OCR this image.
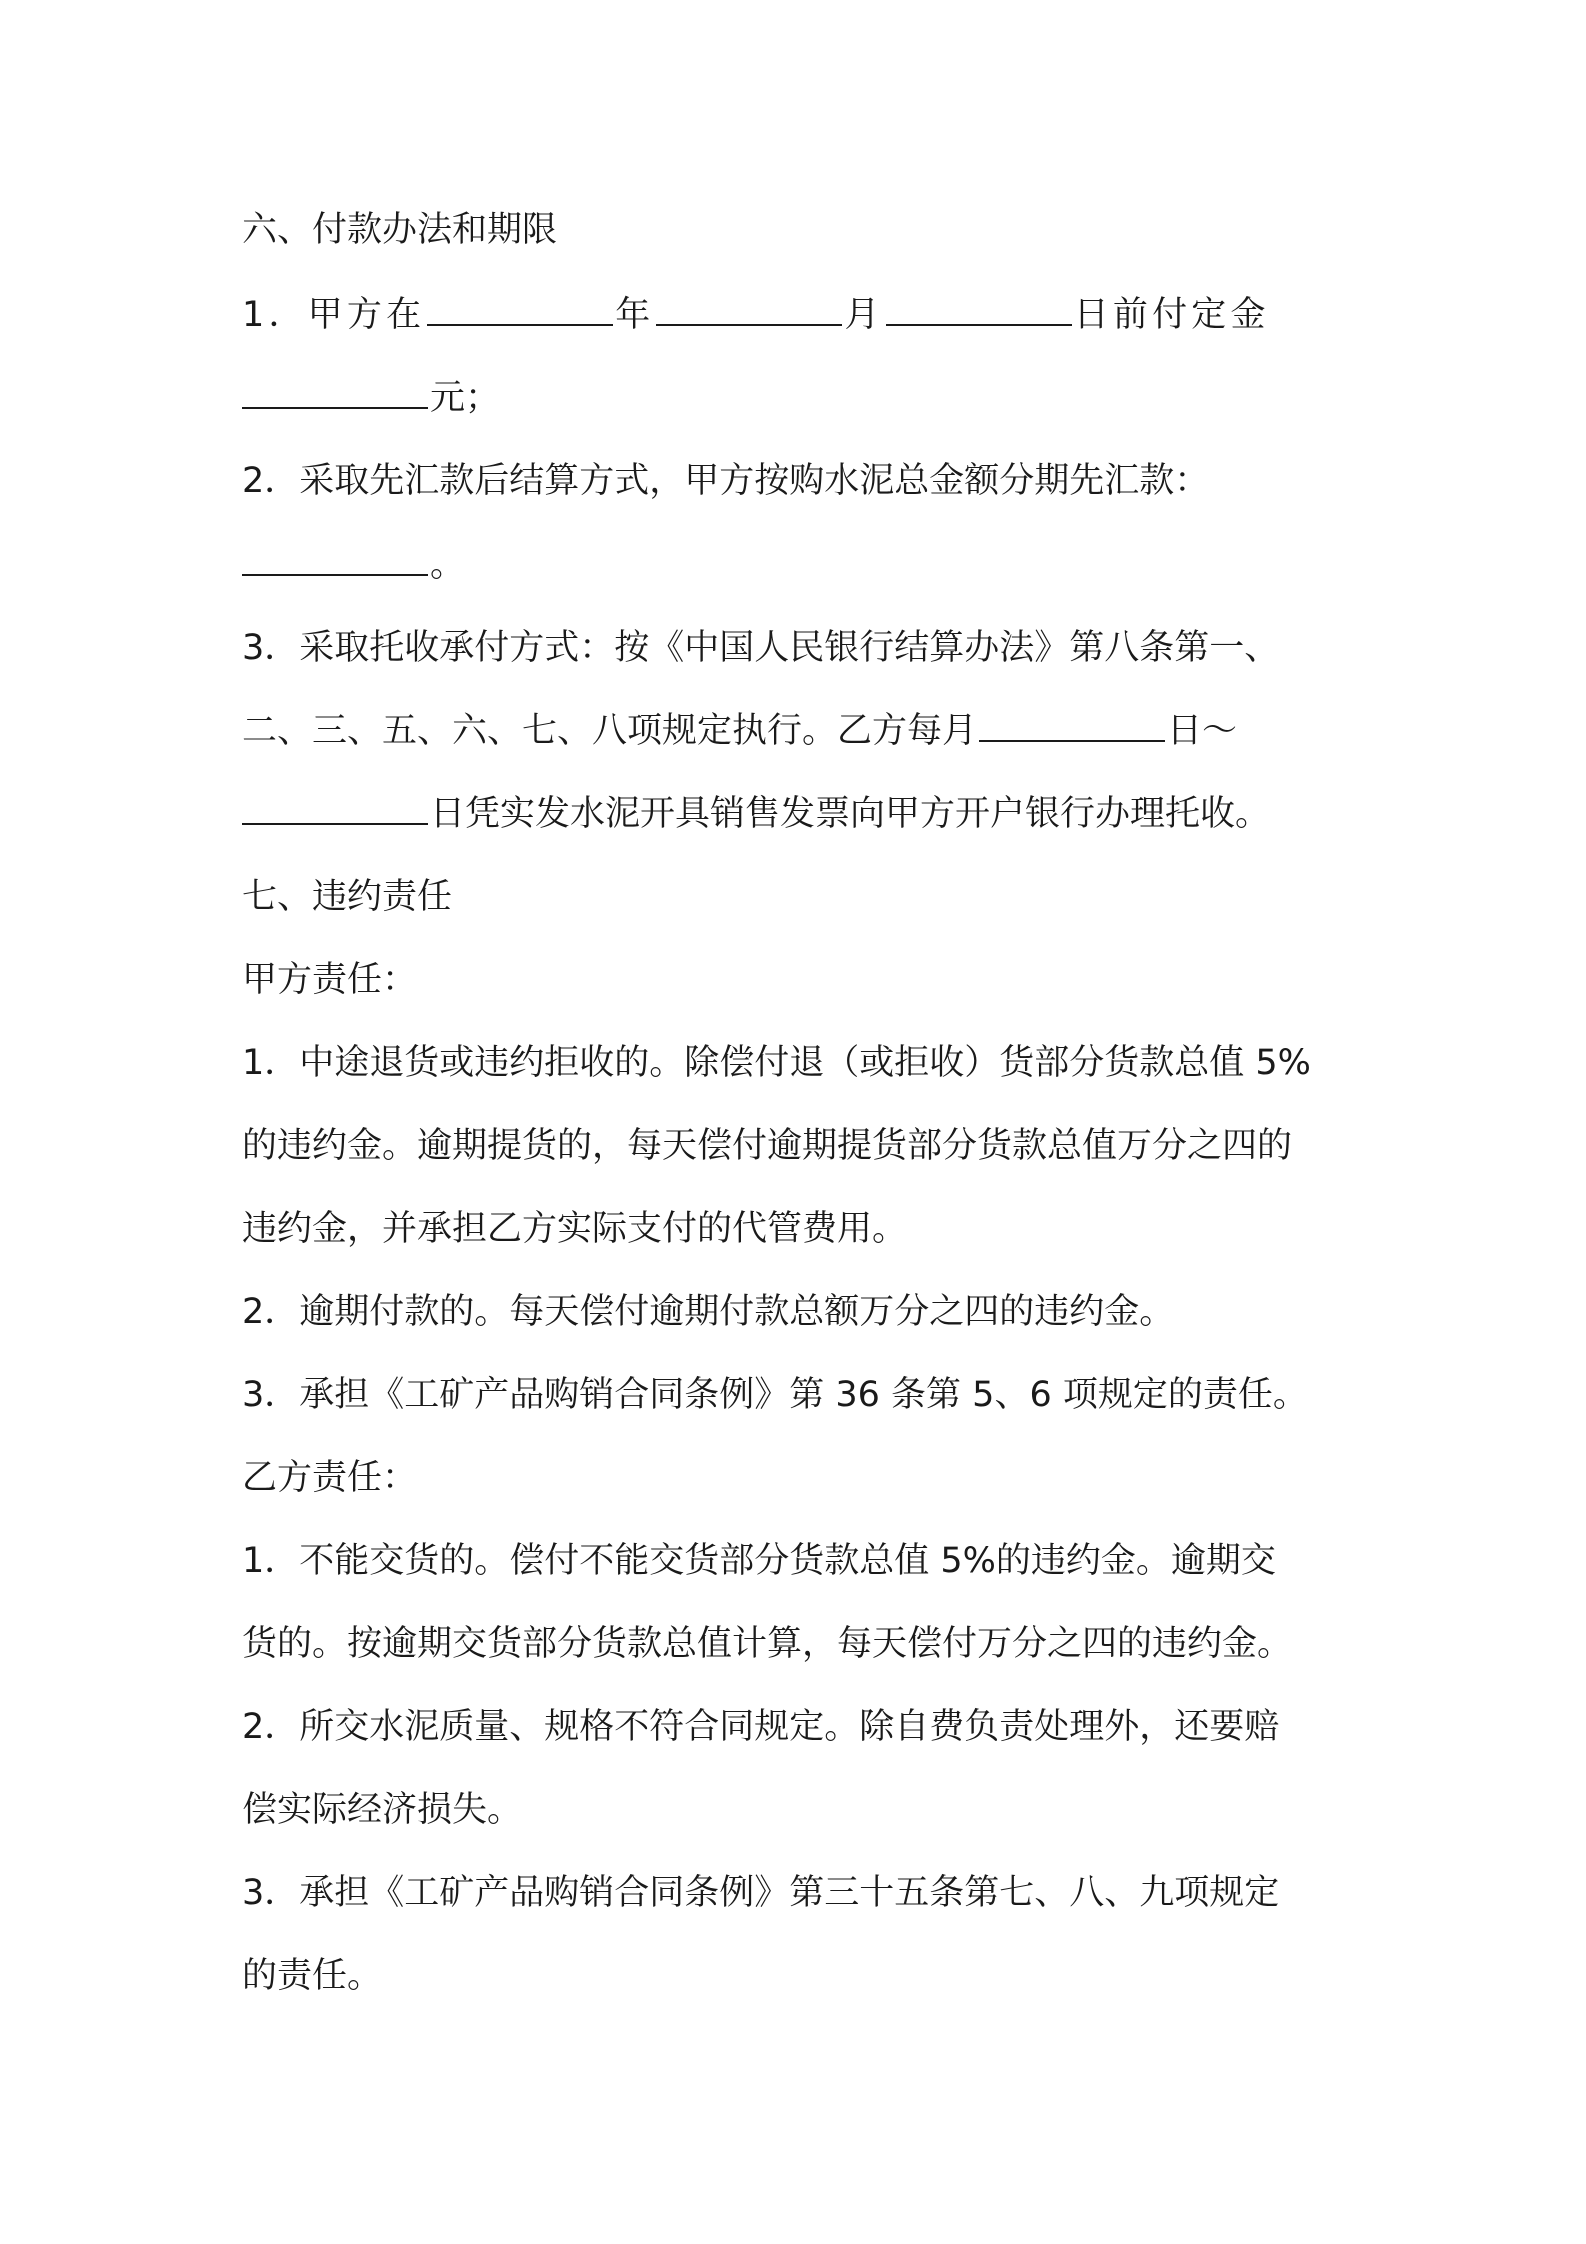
六、付款办法和期限
1．甲方在	年	月	日前付定金
元；
2．采取先汇款后结算方式，甲方按购水泥总金额分期先汇款：
。
3．采取托收承付方式：按《中国人民银行结算办法》第八条第一、
二、三、五、六、七、八项规定执行。乙方每月	日～
日凭实发水泥开具销售发票向甲方开户银行办理托收。
七、违约责任
甲方责任：
1．中途退货或违约拒收的。除偿付退（或拒收）货部分货款总值 5%
的违约金。逾期提货的，每天偿付逾期提货部分货款总值万分之四的
违约金，并承担乙方实际支付的代管费用。
2．逾期付款的。每天偿付逾期付款总额万分之四的违约金。
3．承担《工矿产品购销合同条例》第 36 条第 5、6 项规定的责任。
乙方责任：
1．不能交货的。偿付不能交货部分货款总值 5%的违约金。逾期交
货的。按逾期交货部分货款总值计算，每天偿付万分之四的违约金。
2．所交水泥质量、规格不符合同规定。除自费负责处理外，还要赔
偿实际经济损失。
3．承担《工矿产品购销合同条例》第三十五条第七、八、九项规定
的责任。
